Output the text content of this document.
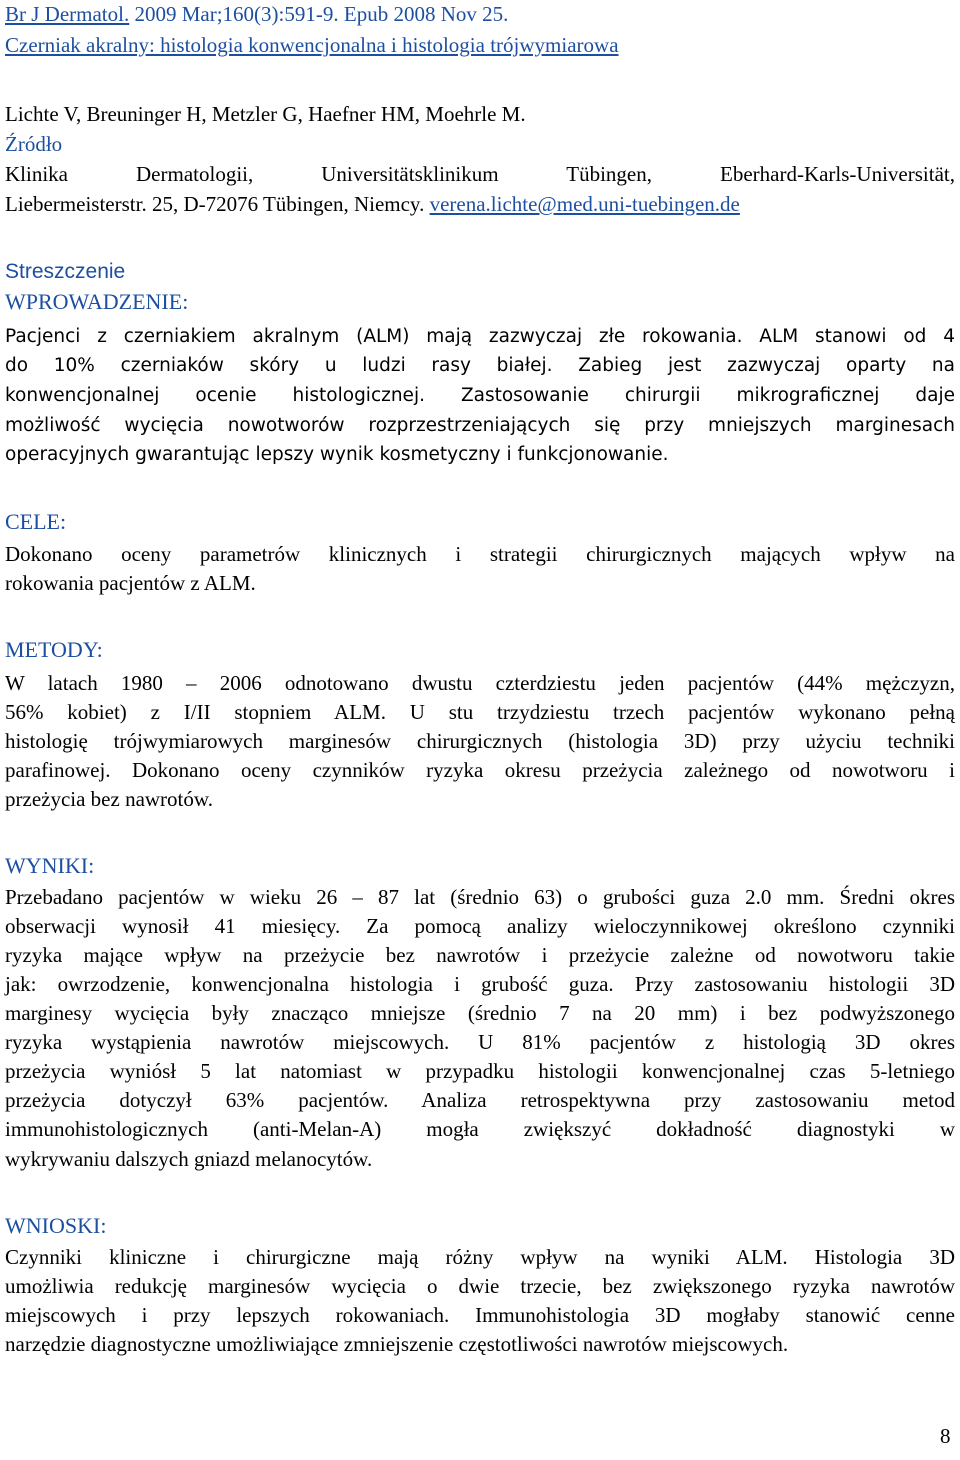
Br J Dermatol. 2009 Mar;160(3):591-9. Epub 2008 Nov 25.
Czerniak akralny: histologia konwencjonalna i histologia trójwymiarowa
Lichte V, Breuninger H, Metzler G, Haefner HM, Moehrle M.
Źródło
Klinika Dermatologii, Universitätsklinikum Tübingen, Eberhard-Karls-Universität,
Liebermeisterstr. 25, D-72076 Tübingen, Niemcy. verena.lichte@med.uni-tuebingen.de
Streszczenie
WPROWADZENIE:
Pacjenci z czerniakiem akralnym (ALM) mają zazwyczaj złe rokowania. ALM stanowi od 4
do 10% czerniaków skóry u ludzi rasy białej. Zabieg jest zazwyczaj oparty na
konwencjonalnej ocenie histologicznej. Zastosowanie chirurgii mikrograficznej daje
możliwość wycięcia nowotworów rozprzestrzeniających się przy mniejszych marginesach
operacyjnych gwarantując lepszy wynik kosmetyczny i funkcjonowanie.
CELE:
Dokonano oceny parametrów klinicznych i strategii chirurgicznych mających wpływ na
rokowania pacjentów z ALM.
METODY:
W latach 1980 – 2006 odnotowano dwustu czterdziestu jeden pacjentów (44% mężczyzn,
56% kobiet) z I/II stopniem ALM. U stu trzydziestu trzech pacjentów wykonano pełną
histologię trójwymiarowych marginesów chirurgicznych (histologia 3D) przy użyciu techniki
parafinowej. Dokonano oceny czynników ryzyka okresu przeżycia zależnego od nowotworu i
przeżycia bez nawrotów.
WYNIKI:
Przebadano pacjentów w wieku 26 – 87 lat (średnio 63) o grubości guza 2.0 mm. Średni okres
obserwacji wynosił 41 miesięcy. Za pomocą analizy wieloczynnikowej określono czynniki
ryzyka mające wpływ na przeżycie bez nawrotów i przeżycie zależne od nowotworu takie
jak: owrzodzenie, konwencjonalna histologia i grubość guza. Przy zastosowaniu histologii 3D
marginesy wycięcia były znacząco mniejsze (średnio 7 na 20 mm) i bez podwyższonego
ryzyka wystąpienia nawrotów miejscowych. U 81% pacjentów z histologią 3D okres
przeżycia wyniósł 5 lat natomiast w przypadku histologii konwencjonalnej czas 5-letniego
przeżycia dotyczył 63% pacjentów. Analiza retrospektywna przy zastosowaniu metod
immunohistologicznych (anti-Melan-A) mogła zwiększyć dokładność diagnostyki w
wykrywaniu dalszych gniazd melanocytów.
WNIOSKI:
Czynniki kliniczne i chirurgiczne mają różny wpływ na wyniki ALM. Histologia 3D
umożliwia redukcję marginesów wycięcia o dwie trzecie, bez zwiększonego ryzyka nawrotów
miejscowych i przy lepszych rokowaniach. Immunohistologia 3D mogłaby stanowić cenne
narzędzie diagnostyczne umożliwiające zmniejszenie częstotliwości nawrotów miejscowych.
8
